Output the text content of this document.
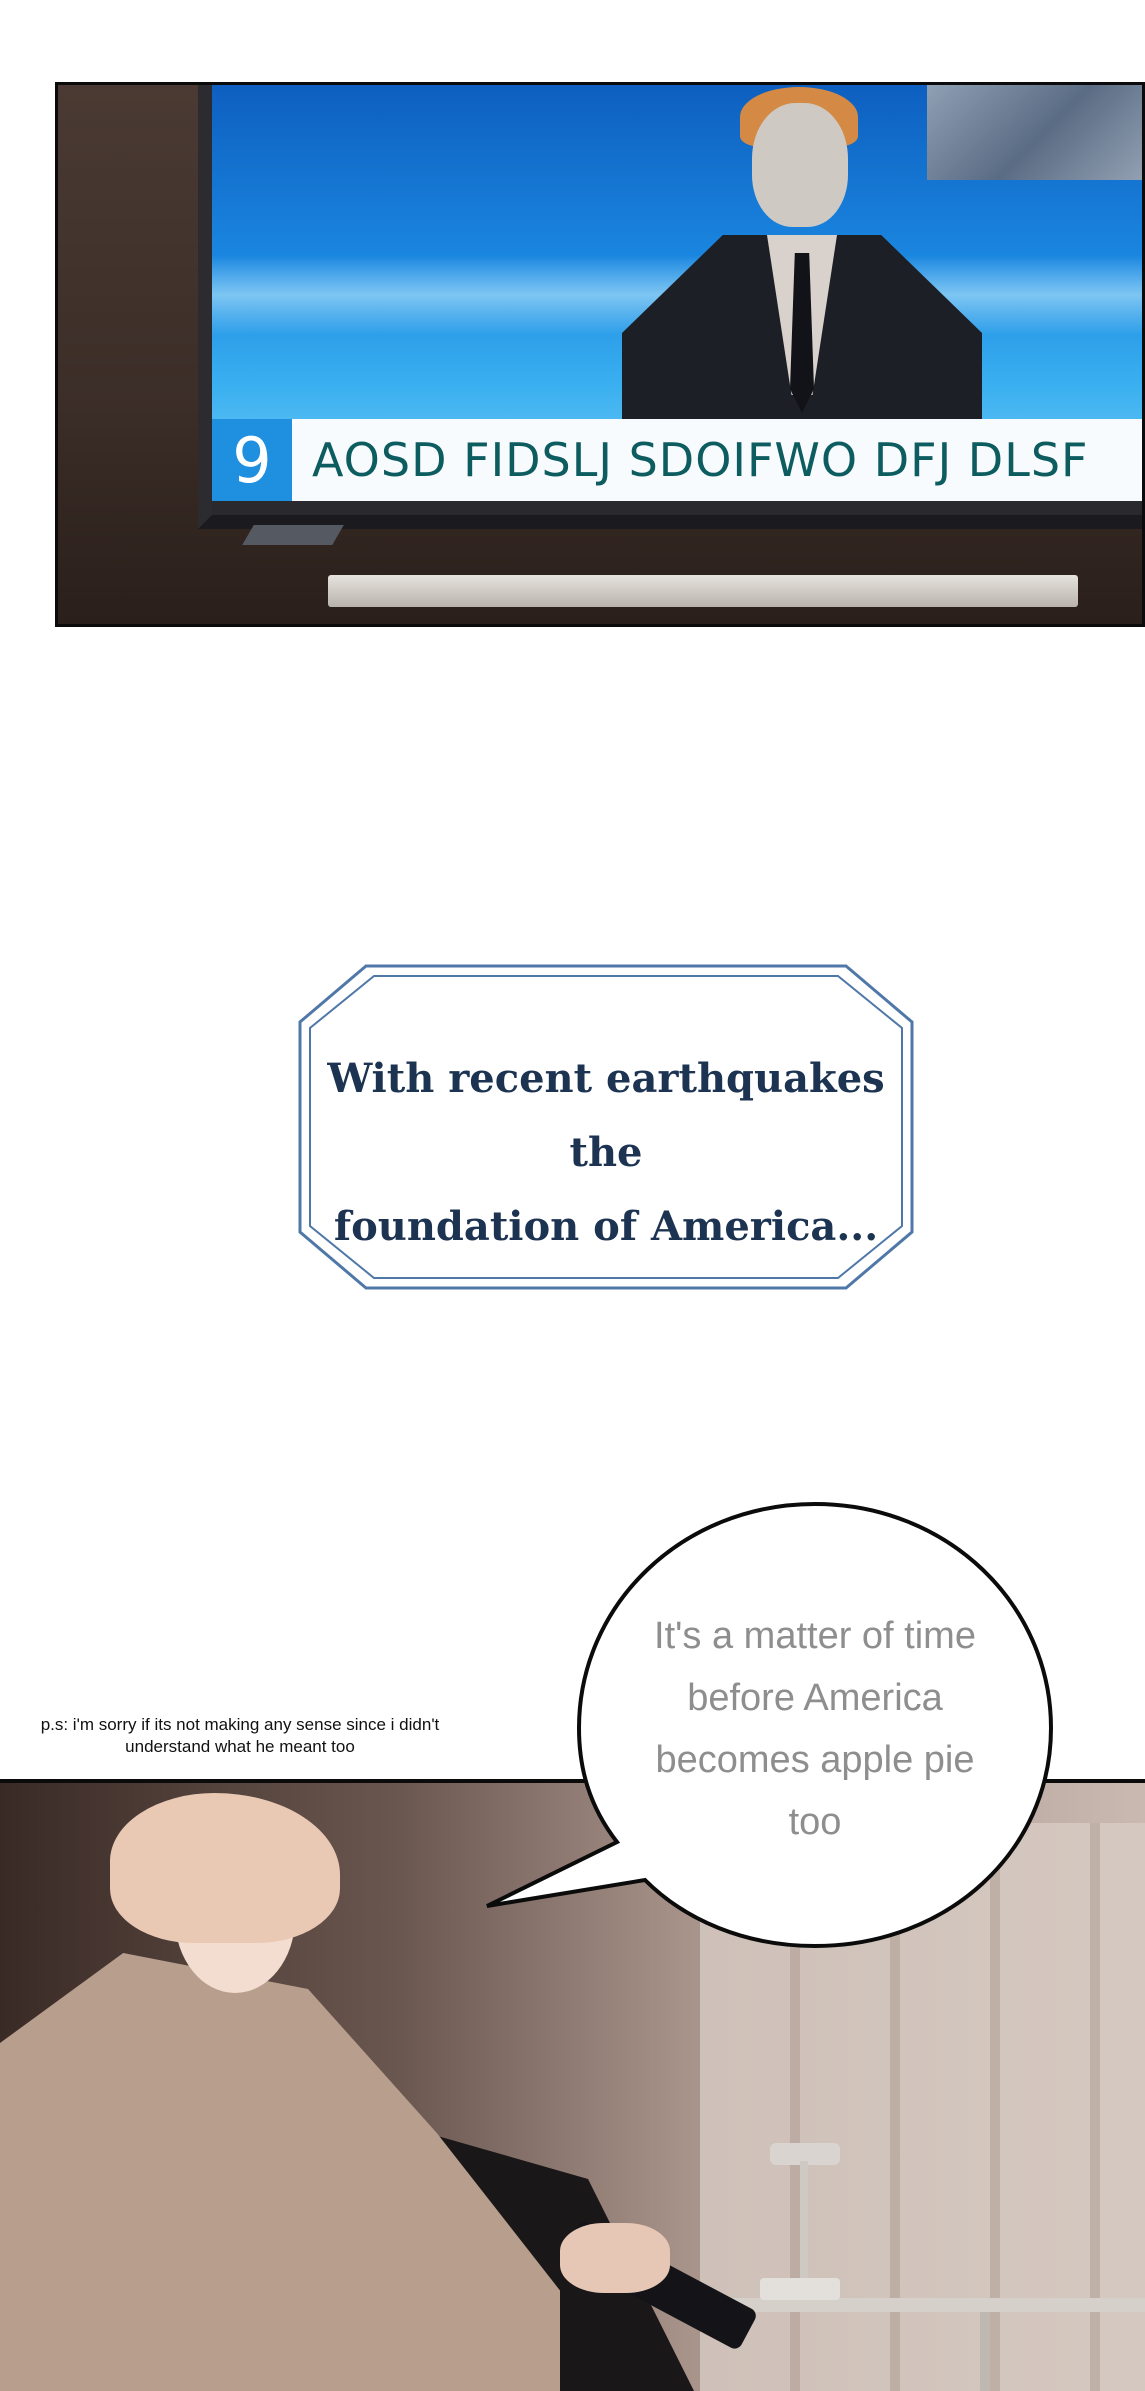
9 AOSD FIDSLJ SDOIFWO DFJ DLSF
With recent earthquakes the
foundation of America...
p.s: i'm sorry if its not making any sense since i didn't
understand what he meant too
It's a matter of time
before America
becomes apple pie
too
